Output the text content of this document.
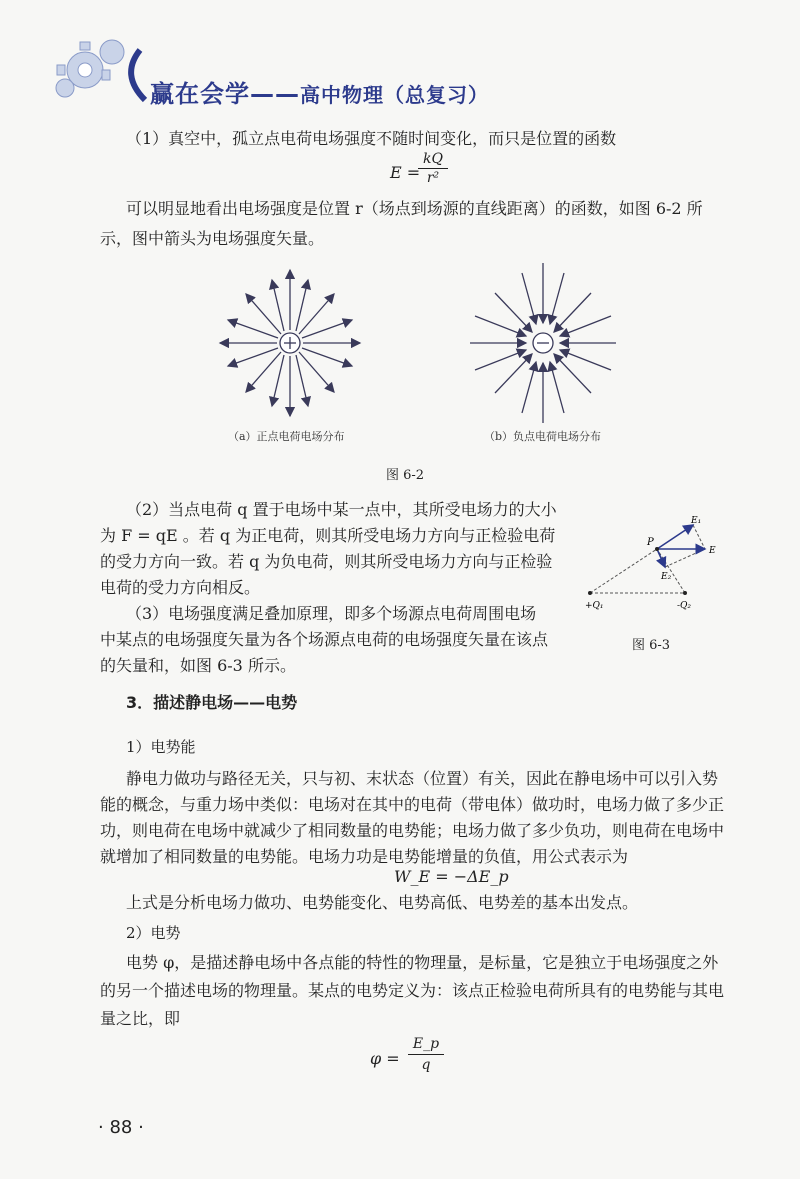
赢在会学——高中物理（总复习）
（1）真空中，孤立点电荷电场强度不随时间变化，而只是位置的函数
E =
$\frac{kQ}{\text{r²}}$
可以明显地看出电场强度是位置 r（场点到场源的直线距离）的函数，如图 6-2 所
示，图中箭头为电场强度矢量。
（a）正点电荷电场分布	（b）负点电荷电场分布
图 6-2
（2）当点电荷 q 置于电场中某一点中，其所受电场力的大小
为 F = qE 。若 q 为正电荷，则其所受电场力方向与正检验电荷
的受力方向一致。若 q 为负电荷，则其所受电场力方向与正检验
电荷的受力方向相反。
（3）电场强度满足叠加原理，即多个场源点电荷周围电场
中某点的电场强度矢量为各个场源点电荷的电场强度矢量在该点
的矢量和，如图 6-3 所示。
P
E₁
E
E₂
+Q₁	-Q₂
图 6-3
3．描述静电场——电势
1）电势能
静电力做功与路径无关，只与初、末状态（位置）有关，因此在静电场中可以引入势
能的概念，与重力场中类似：电场对在其中的电荷（带电体）做功时，电场力做了多少正
功，则电荷在电场中就减少了相同数量的电势能；电场力做了多少负功，则电荷在电场中
就增加了相同数量的电势能。电场力功是电势能增量的负值，用公式表示为
W_E = −ΔE_p
上式是分析电场力做功、电势能变化、电势高低、电势差的基本出发点。
2）电势
电势 φ，是描述静电场中各点能的特性的物理量，是标量，它是独立于电场强度之外
的另一个描述电场的物理量。某点的电势定义为：该点正检验电荷所具有的电势能与其电
量之比，即
$\varphi = \frac{E\_p}{q}$
· 88 ·
